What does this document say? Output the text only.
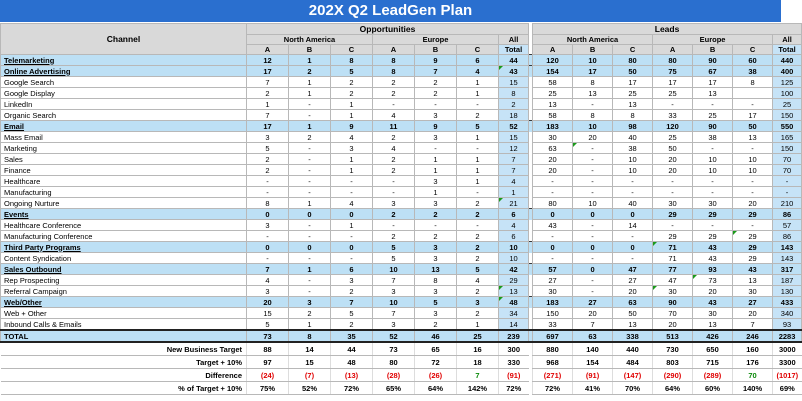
202X Q2 LeadGen Plan
Channel	Opportunities								Leads						
	North America			Europe			All		North America			Europe			All
	A	B	C	A	B	C	Total		A	B	C	A	B	C	Total
Telemarketing	12	1	8	8	9	6	44		120	10	80	80	90	60	440
Online Advertising	17	2	5	8	7	4	43		154	17	50	75	67	38	400
Google Search	7	1	2	2	2	1	15		58	8	17	17	17	8	125
Google Display	2	1	2	2	2	1	8		25	13	25	25	13		100
LinkedIn	1	-	1	-	-	-	2		13	-	13	-	-	-	25
Organic Search	7	-	1	4	3	2	18		58	8	8	33	25	17	150
Email	17	1	9	11	9	5	52		183	10	98	120	90	50	550
Mass Email	3	2	4	2	3	1	15		30	20	40	25	38	13	165
Marketing	5	-	3	4	-	-	12		63	-	38	50	-	-	150
Sales	2	-	1	2	1	1	7		20	-	10	20	10	10	70
Finance	2	-	1	2	1	1	7		20	-	10	20	10	10	70
Healthcare	-	-	-	-	3	1	4		-	-	-	-	-	-	-
Manufacturing	-	-	-	-	1	-	1		-	-	-	-	-	-	-
Ongoing Nurture	8	1	4	3	3	2	21		80	10	40	30	30	20	210
Events	0	0	0	2	2	2	6		0	0	0	29	29	29	86
Healthcare Conference	3	-	1	-	-	-	4		43	-	14	-	-	-	57
Manufacturing Conference	-	-	-	2	2	2	6		-	-	-	29	29	29	86
Third Party Programs	0	0	0	5	3	2	10		0	0	0	71	43	29	143
Content Syndication	-	-	-	5	3	2	10		-	-	-	71	43	29	143
Sales Outbound	7	1	6	10	13	5	42		57	0	47	77	93	43	317
Rep Prospecting	4	-	3	7	8	4	29		27	-	27	47	73	13	187
Referral Campaign	3	-	2	3	3	2	13		30	-	20	30	20	30	130
Web/Other	20	3	7	10	5	3	48		183	27	63	90	43	27	433
Web + Other	15	2	5	7	3	2	34		150	20	50	70	30	20	340
Inbound Calls & Emails	5	1	2	3	2	1	14		33	7	13	20	13	7	93
TOTAL	73	8	35	52	46	25	239		697	63	338	513	426	246	2283
New Business Target	88	14	44	73	65	16	300		880	140	440	730	650	160	3000
Target + 10%	97	15	48	80	72	18	330		968	154	484	803	715	176	3300
Difference	(24)	(7)	(13)	(28)	(26)	7	(91)		(271)	(91)	(147)	(290)	(289)	70	(1017)
% of Target + 10%	75%	52%	72%	65%	64%	142%	72%		72%	41%	70%	64%	60%	140%	69%
